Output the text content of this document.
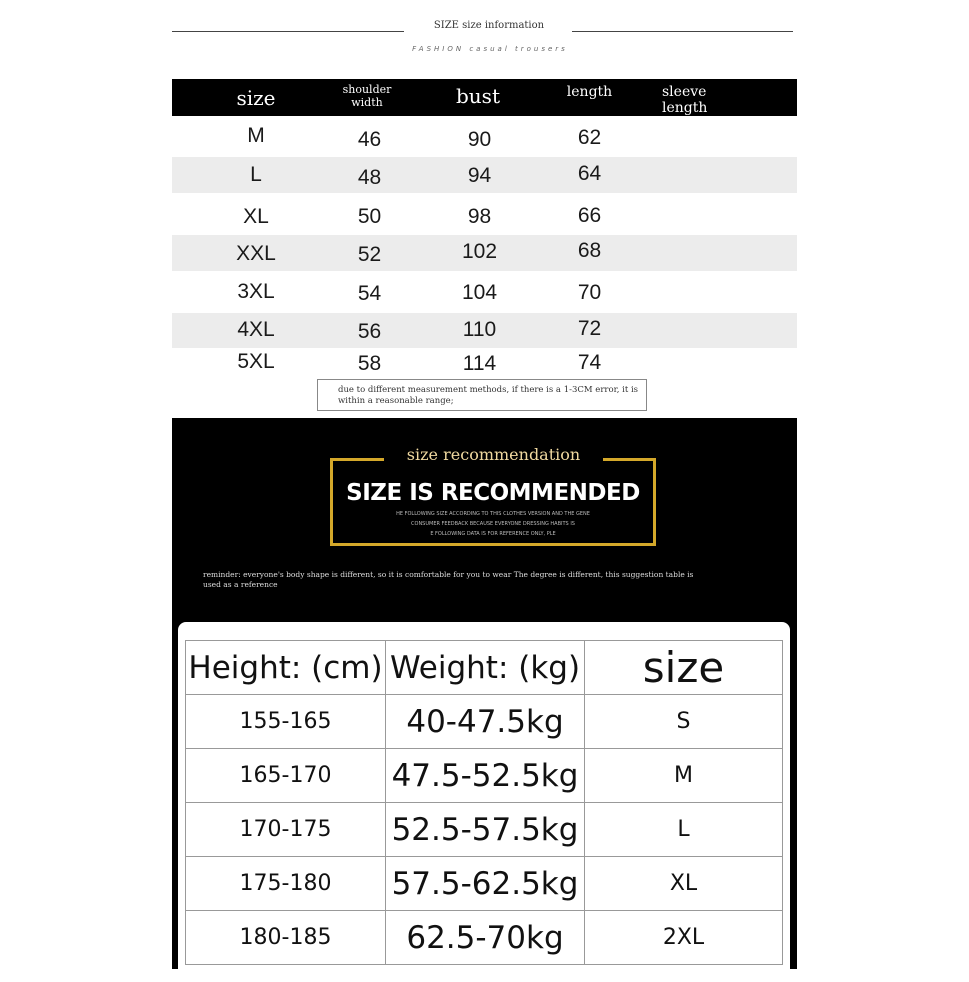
SIZE size information
FASHION casual trousers
size	shoulder width	bust	length	sleeve length
M	46	90	62
L	48	94	64
XL	50	98	66
XXL	52	102	68
3XL	54	104	70
4XL	56	110	72
5XL	58	114	74
due to different measurement methods, if there is a 1-3CM error, it is within a reasonable range;
size recommendation
SIZE IS RECOMMENDED
HE FOLLOWING SIZE ACCORDING TO THIS CLOTHES VERSION AND THE GENE
CONSUMER FEEDBACK BECAUSE EVERYONE DRESSING HABITS IS
E FOLLOWING DATA IS FOR REFERENCE ONLY, PLE
reminder: everyone's body shape is different, so it is comfortable for you to wear The degree is different, this suggestion table is used as a reference
Height: (cm)	Weight: (kg)	size
155-165	40-47.5kg	S
165-170	47.5-52.5kg	M
170-175	52.5-57.5kg	L
175-180	57.5-62.5kg	XL
180-185	62.5-70kg	2XL
